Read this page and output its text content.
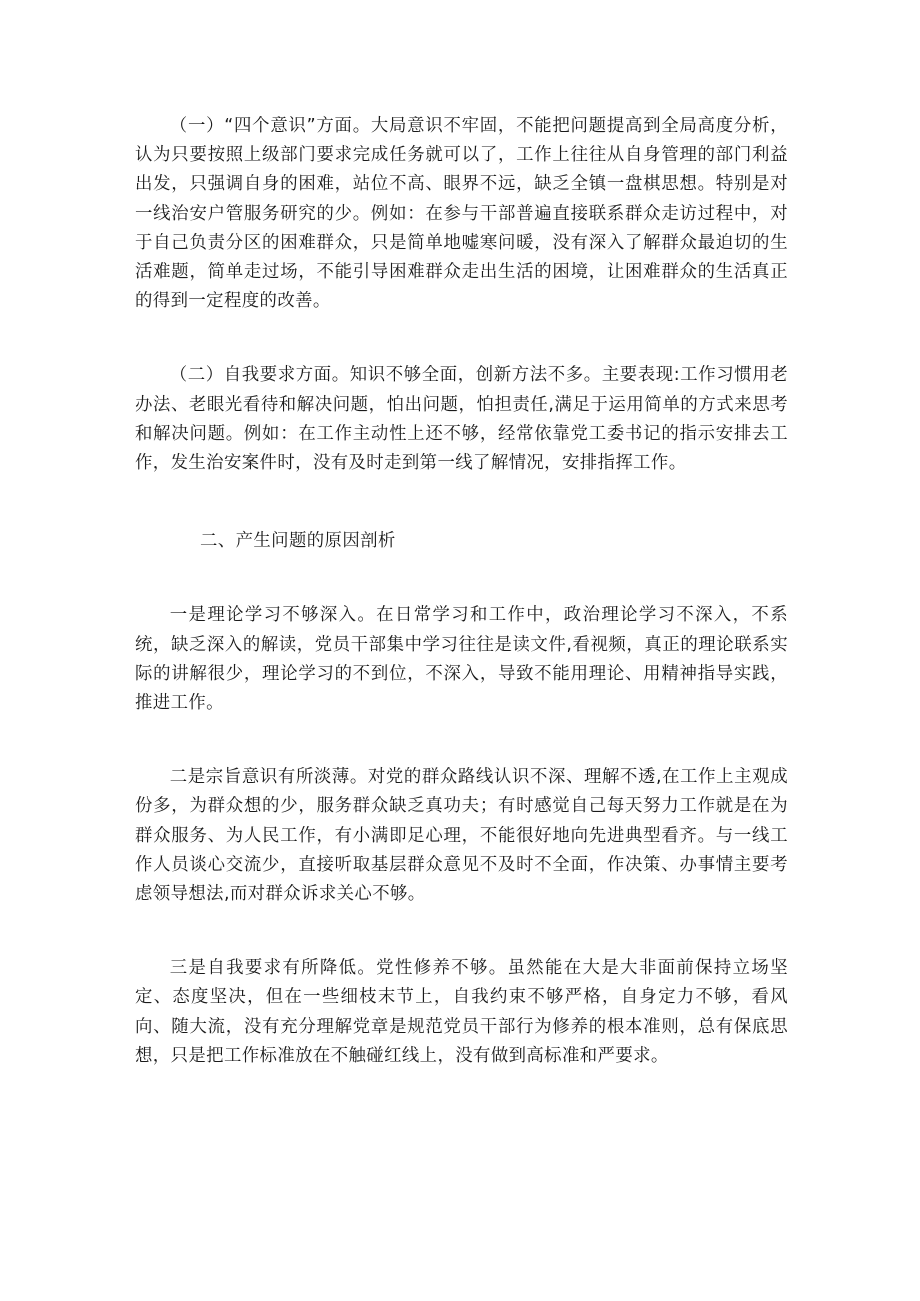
（一）“四个意识”方面。大局意识不牢固，不能把问题提高到全局高度分析，认为只要按照上级部门要求完成任务就可以了，工作上往往从自身管理的部门利益出发，只强调自身的困难，站位不高、眼界不远，缺乏全镇一盘棋思想。特别是对一线治安户管服务研究的少。例如：在参与干部普遍直接联系群众走访过程中，对于自己负责分区的困难群众，只是简单地嘘寒问暖，没有深入了解群众最迫切的生活难题，简单走过场，不能引导困难群众走出生活的困境，让困难群众的生活真正的得到一定程度的改善。

（二）自我要求方面。知识不够全面，创新方法不多。主要表现:工作习惯用老办法、老眼光看待和解决问题，怕出问题，怕担责任,满足于运用简单的方式来思考和解决问题。例如：在工作主动性上还不够，经常依靠党工委书记的指示安排去工作，发生治安案件时，没有及时走到第一线了解情况，安排指挥工作。

二、产生问题的原因剖析

一是理论学习不够深入。在日常学习和工作中，政治理论学习不深入，不系统，缺乏深入的解读，党员干部集中学习往往是读文件,看视频，真正的理论联系实际的讲解很少，理论学习的不到位，不深入，导致不能用理论、用精神指导实践，推进工作。

二是宗旨意识有所淡薄。对党的群众路线认识不深、理解不透,在工作上主观成份多，为群众想的少，服务群众缺乏真功夫；有时感觉自己每天努力工作就是在为群众服务、为人民工作，有小满即足心理，不能很好地向先进典型看齐。与一线工作人员谈心交流少，直接听取基层群众意见不及时不全面，作决策、办事情主要考虑领导想法,而对群众诉求关心不够。

三是自我要求有所降低。党性修养不够。虽然能在大是大非面前保持立场坚定、态度坚决，但在一些细枝末节上，自我约束不够严格，自身定力不够，看风向、随大流，没有充分理解党章是规范党员干部行为修养的根本准则，总有保底思想，只是把工作标准放在不触碰红线上，没有做到高标准和严要求。
